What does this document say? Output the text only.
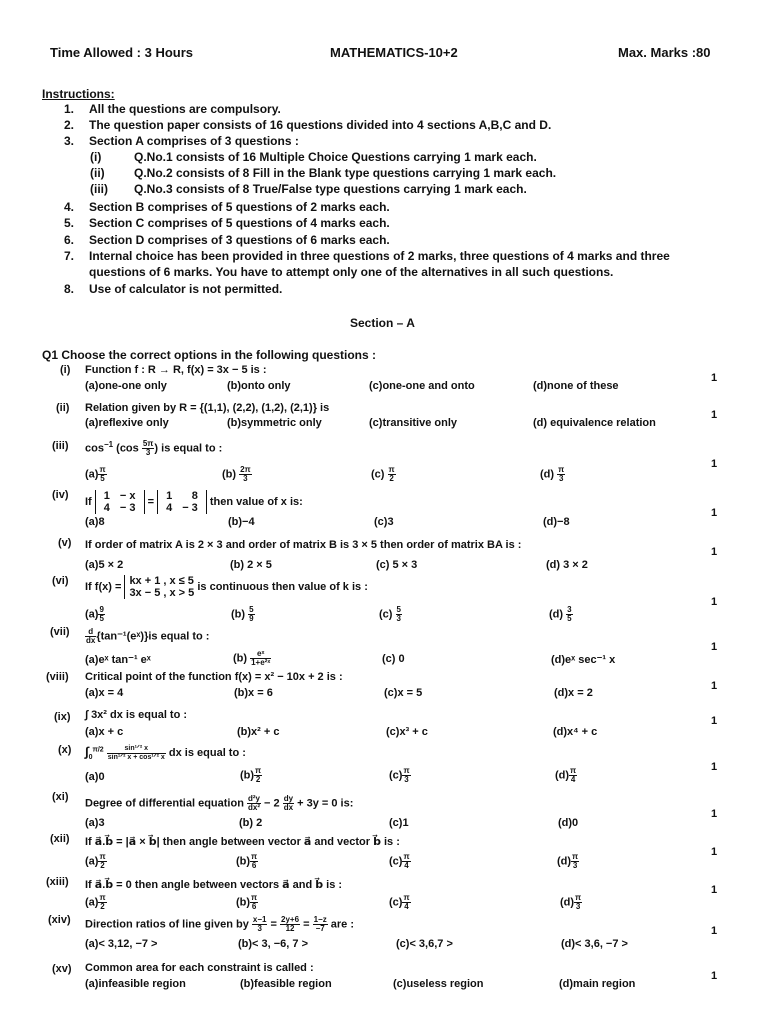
Time Allowed : 3 Hours	MATHEMATICS-10+2	Max. Marks :80
Instructions:
1. All the questions are compulsory.
2. The question paper consists of 16 questions divided into 4 sections A,B,C and D.
3. Section A comprises of 3 questions :
(i)	Q.No.1 consists of 16 Multiple Choice Questions carrying 1 mark each.
(ii) Q.No.2 consists of 8 Fill in the Blank type questions carrying 1 mark each.
(iii) Q.No.3 consists of 8 True/False type questions carrying 1 mark each.
4. Section B comprises of 5 questions of 2 marks each.
5. Section C comprises of 5 questions of 4 marks each.
6. Section D comprises of 3 questions of 6 marks each.
7. Internal choice has been provided in three questions of 2 marks, three questions of 4 marks and three
questions of 6 marks. You have to attempt only one of the alternatives in all such questions.
8. Use of calculator is not permitted.
Section – A
Q1 Choose the correct options in the following questions :
(i) Function f : R → R, f(x) = 3x − 5 is :
(a)one-one only	(b)onto only	(c)one-one and onto	(d)none of these
1
(ii) Relation given by R = {(1,1), (2,2), (1,2), (2,1)} is
(a)reflexive only	(b)symmetric only	(c)transitive only	(d) equivalence relation
1
(iii) $\cos^{-1} (\cos \frac{5\pi}{3}$ ) is equal to :
$(a) \frac{\pi}{5}$	$(b) \frac{2\pi}{3}$	$(c) \frac{\pi}{2}$	$(d) \frac{\pi}{3}$
1
(iv)
If 1	− x
4	− 3
= 1	8
4	− 3
then value of x is:
(a)8	(b)−4	(c)3	(d)−8
1
(v) If order of matrix A is 2 × 3 and order of matrix B is 3 × 5 then order of matrix BA is :
(a)5 × 2	(b) 2 × 5	(c) 5 × 3	(d) 3 × 2
1
(vi) If f(x) = kx + 1 , x ≤ 5
3x − 5 , x > 5
is continuous then value of k is :
$(a) \frac{9}{5}$	$(b) \frac{5}{9}$	$(c) \frac{5}{3}$	$(d) \frac{3}{5}$
1
$(vii) \frac{d}{dx}$ {tan⁻¹(eˣ)}is equal to :
(a)eˣ tan⁻¹ eˣ	$(b) \frac{\text{eˣ}}{\text{1+e²ˣ}}$	(c) 0	(d)eˣ sec⁻¹ x
1
(viii) Critical point of the function f(x) = x² − 10x + 2 is :
(a)x = 4	(b)x = 6	(c)x = 5	(d)x = 2
1
(ix) ∫ 3x² dx is equal to :
(a)x + c	(b)x² + c	(c)x³ + c	(d)x⁴ + c
1
(x) $\int_0^{\pi/2} \frac{\text{sin¹ᐟ² x}}{\text{sin¹ᐟ² x + cos¹ᐟ² x}}$ dx is equal to :
(a)0	$(b) \frac{\pi}{2}$	$(c) \frac{\pi}{3}$	$(d) \frac{\pi}{4}$	1
(xi)
Degree of differential equation $\frac{\text{d²y}}{\text{dx²}} - 2 \frac{dy}{dx} + 3y = 0$ is:
(a)3	(b) 2	(c)1	(d)0
1
(xii) If a⃗.b⃗ = |a⃗ × b⃗| then angle between vector a⃗ and vector b⃗ is :
$(a) \frac{\pi}{2}$	$(b) \frac{\pi}{6}$	$(c) \frac{\pi}{4}$	$(d) \frac{\pi}{3}$
1
(xiii) If a⃗.b⃗ = 0 then angle between vectors a⃗ and b⃗ is :
$(a) \frac{\pi}{2}$	$(b) \frac{\pi}{6}$	$(c) \frac{\pi}{4}$	$(d) \frac{\pi}{3}$
1
(xiv) Direction ratios of line given by $\frac{x-1}{3} = \frac{2y+6}{12} = \frac{1-z}{-7}$ are :
(a)< 3,12, −7 >	(b)< 3, −6, 7 >	(c)< 3,6,7 >	(d)< 3,6, −7 >
1
(xv) Common area for each constraint is called :
(a)infeasible region	(b)feasible region	(c)useless region	(d)main region
1
